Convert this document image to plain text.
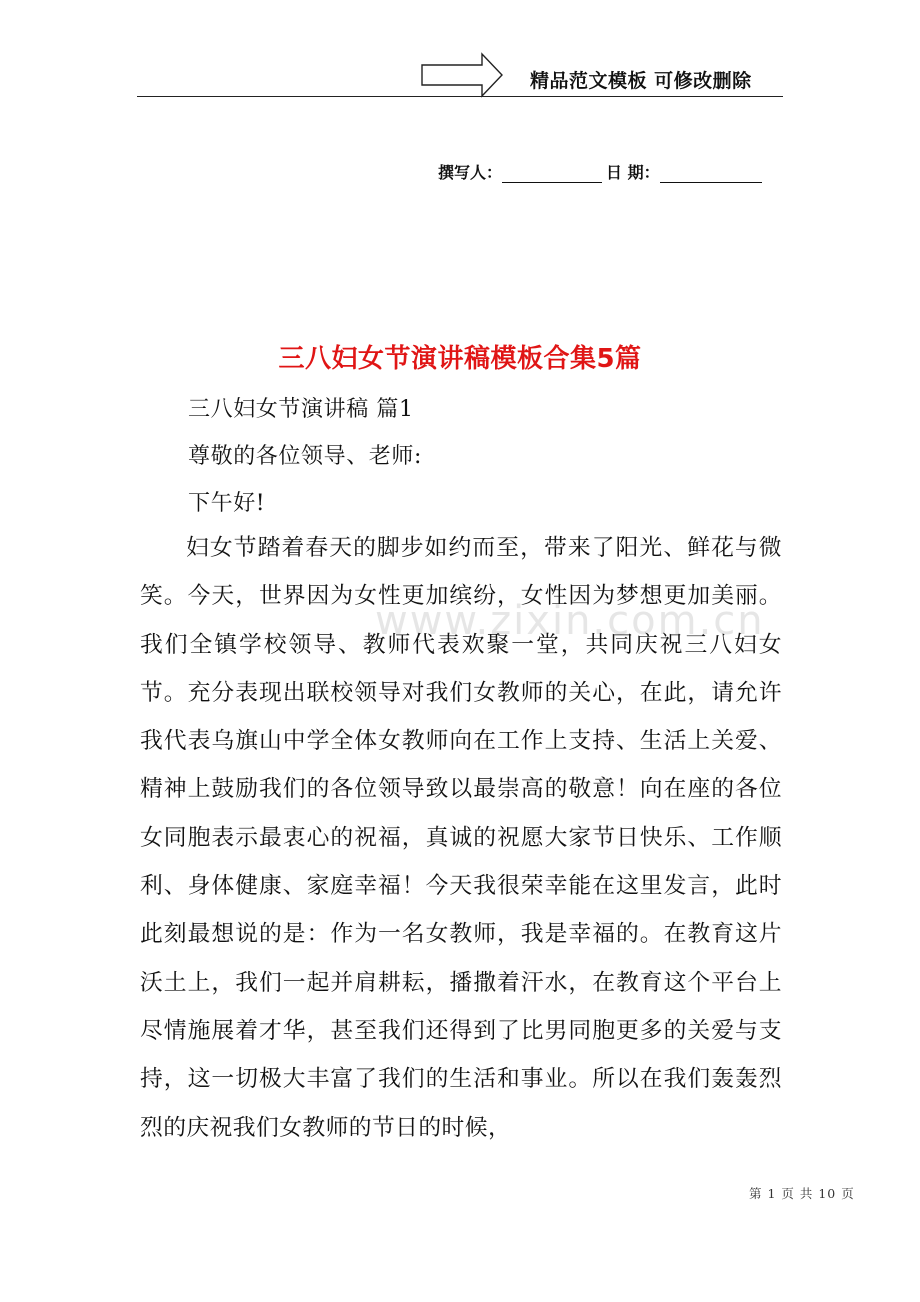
精品范文模板 可修改删除
撰写人：	日 期：
三八妇女节演讲稿模板合集5篇
三八妇女节演讲稿 篇1
尊敬的各位领导、老师:
下午好!
www.zixin.com.cn
妇女节踏着春天的脚步如约而至，带来了阳光、鲜花与微笑。今天，世界因为女性更加缤纷，女性因为梦想更加美丽。我们全镇学校领导、教师代表欢聚一堂，共同庆祝三八妇女节。充分表现出联校领导对我们女教师的关心，在此，请允许我代表乌旗山中学全体女教师向在工作上支持、生活上关爱、精神上鼓励我们的各位领导致以最崇高的敬意！向在座的各位女同胞表示最衷心的祝福，真诚的祝愿大家节日快乐、工作顺利、身体健康、家庭幸福！今天我很荣幸能在这里发言，此时此刻最想说的是：作为一名女教师，我是幸福的。在教育这片沃土上，我们一起并肩耕耘，播撒着汗水，在教育这个平台上尽情施展着才华，甚至我们还得到了比男同胞更多的关爱与支持，这一切极大丰富了我们的生活和事业。所以在我们轰轰烈烈的庆祝我们女教师的节日的时候，
第 1 页 共 10 页
